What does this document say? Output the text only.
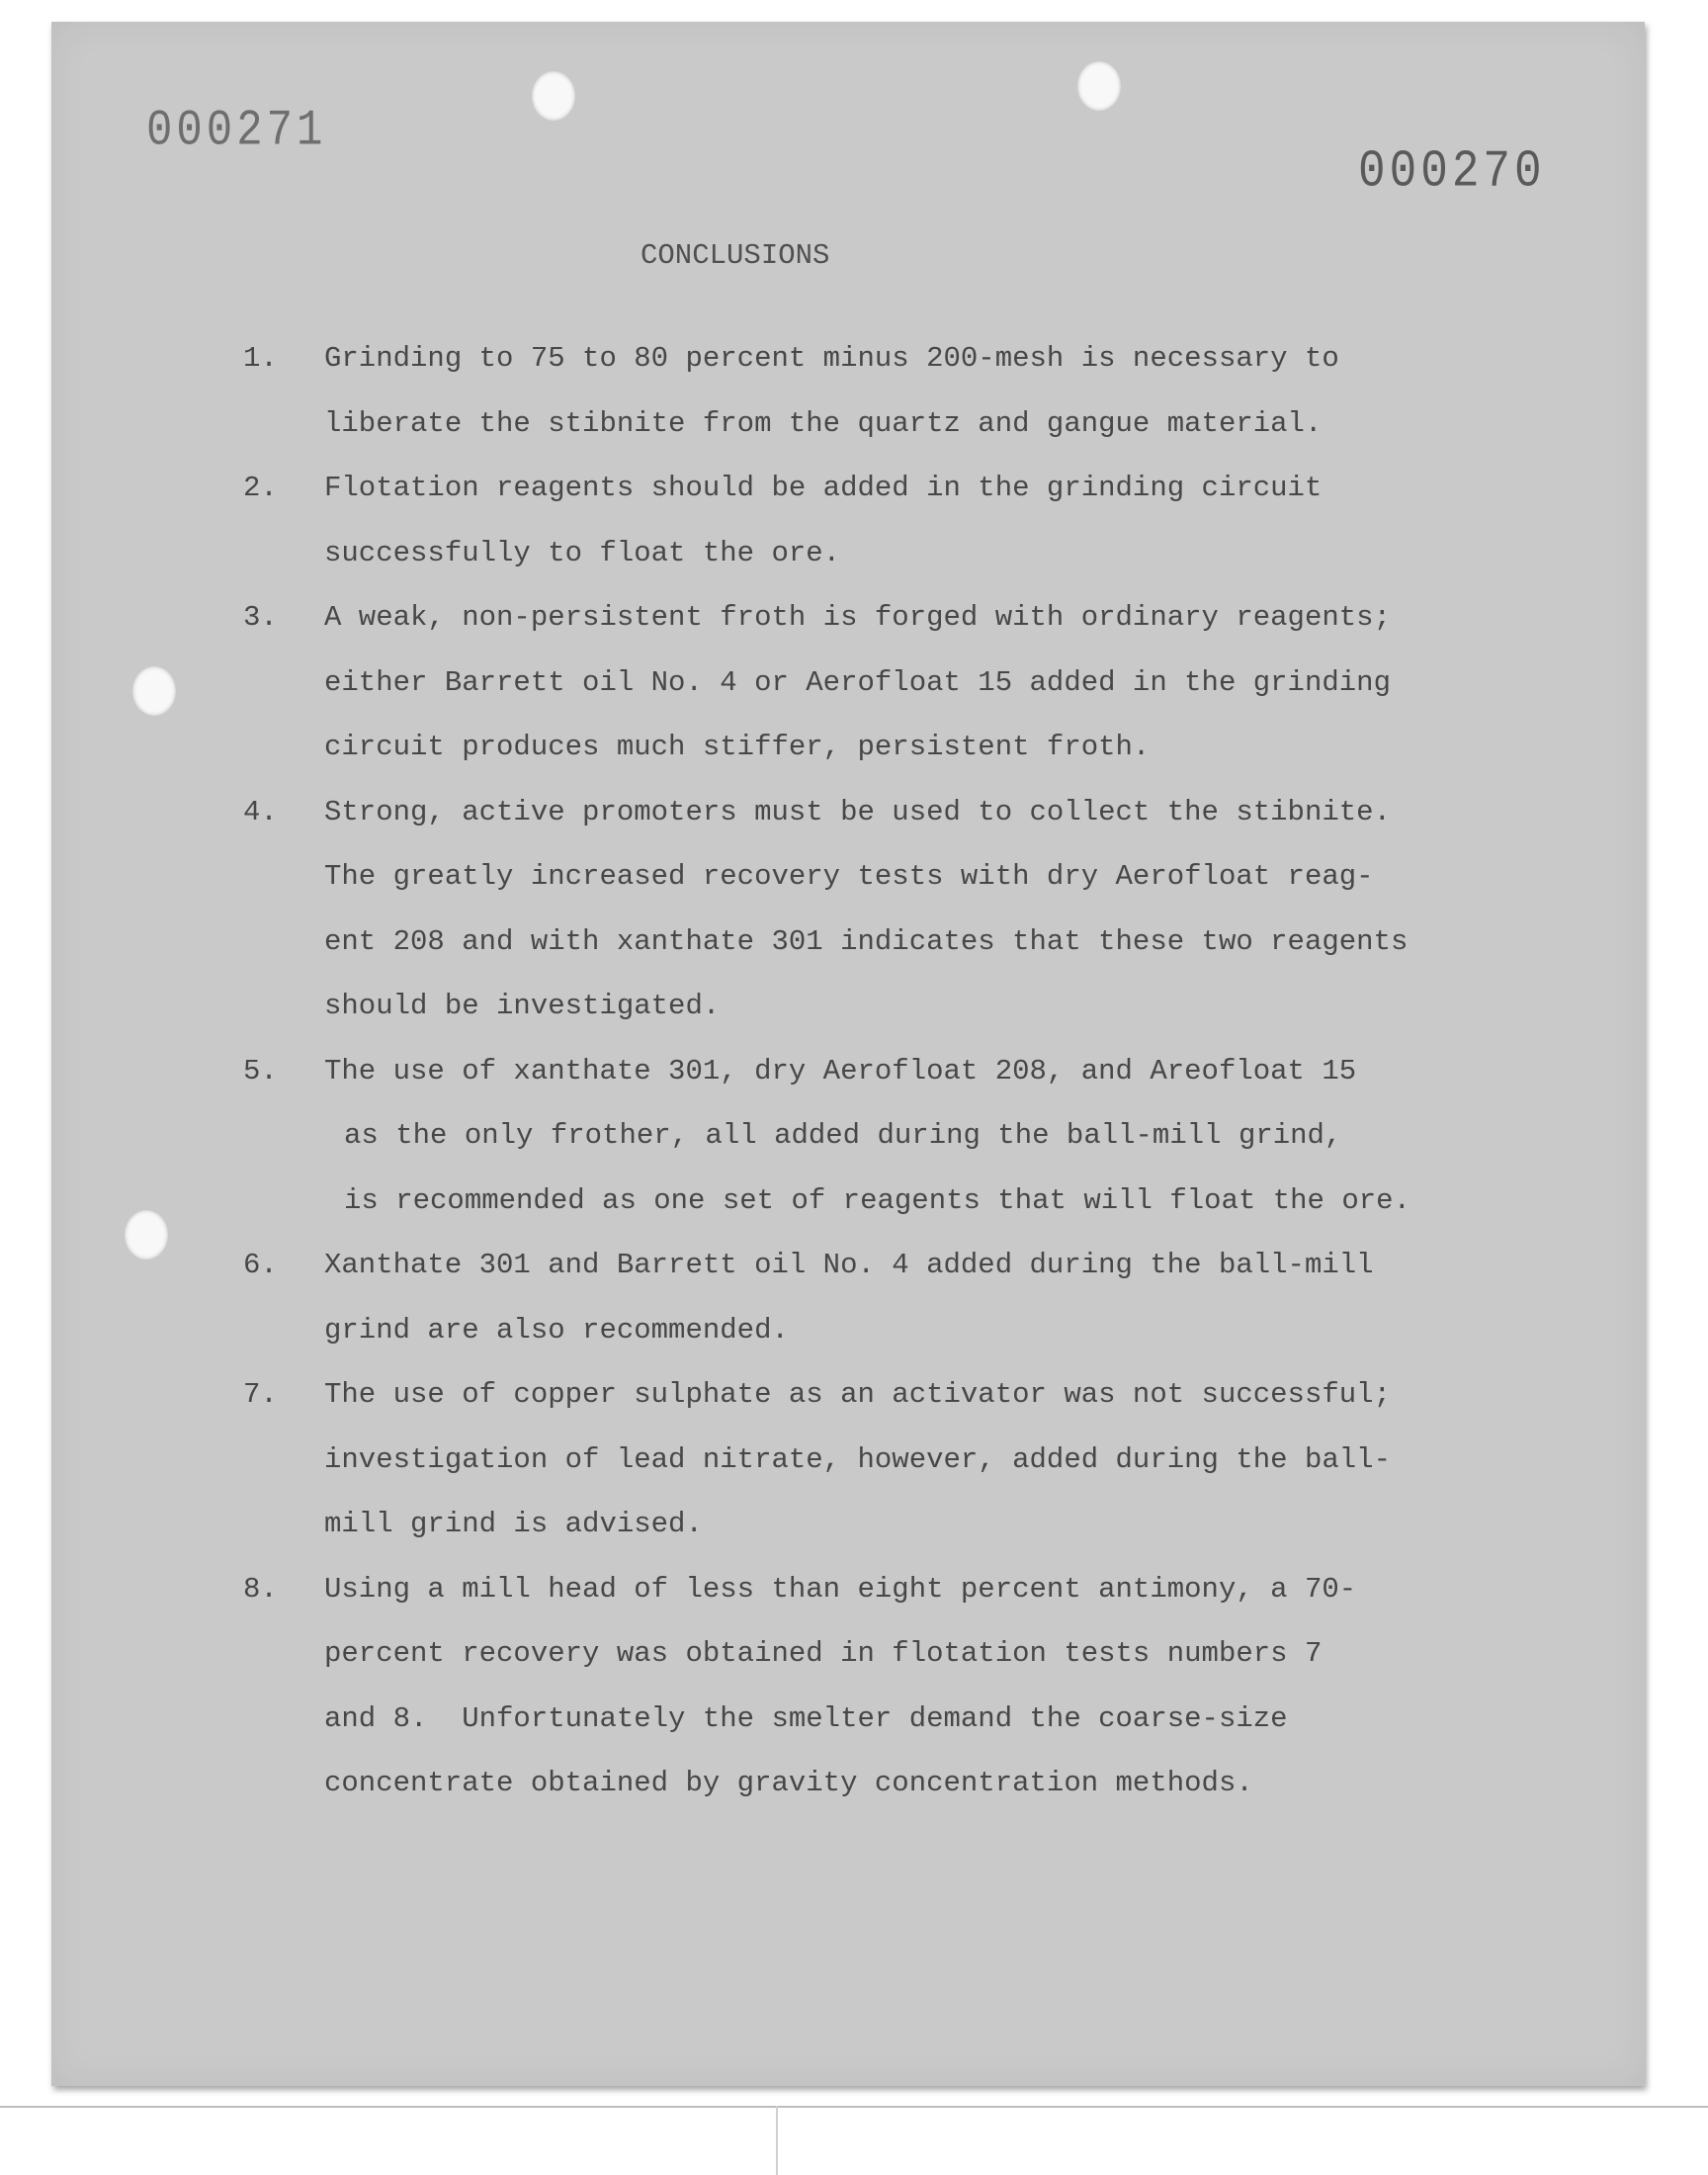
000271
000270
CONCLUSIONS
1.	Grinding to 75 to 80 percent minus 200-mesh is necessary to
liberate the stibnite from the quartz and gangue material.
2.	Flotation reagents should be added in the grinding circuit
successfully to float the ore.
3.	A weak, non-persistent froth is forged with ordinary reagents;
either Barrett oil No. 4 or Aerofloat 15 added in the grinding
circuit produces much stiffer, persistent froth.
4.	Strong, active promoters must be used to collect the stibnite.
The greatly increased recovery tests with dry Aerofloat reag-
ent 208 and with xanthate 301 indicates that these two reagents
should be investigated.
5.	The use of xanthate 301, dry Aerofloat 208, and Areofloat 15
as the only frother, all added during the ball-mill grind,
is recommended as one set of reagents that will float the ore.
6.	Xanthate 301 and Barrett oil No. 4 added during the ball-mill
grind are also recommended.
7.	The use of copper sulphate as an activator was not successful;
investigation of lead nitrate, however, added during the ball-
mill grind is advised.
8.	Using a mill head of less than eight percent antimony, a 70-
percent recovery was obtained in flotation tests numbers 7
and 8.  Unfortunately the smelter demand the coarse-size
concentrate obtained by gravity concentration methods.
